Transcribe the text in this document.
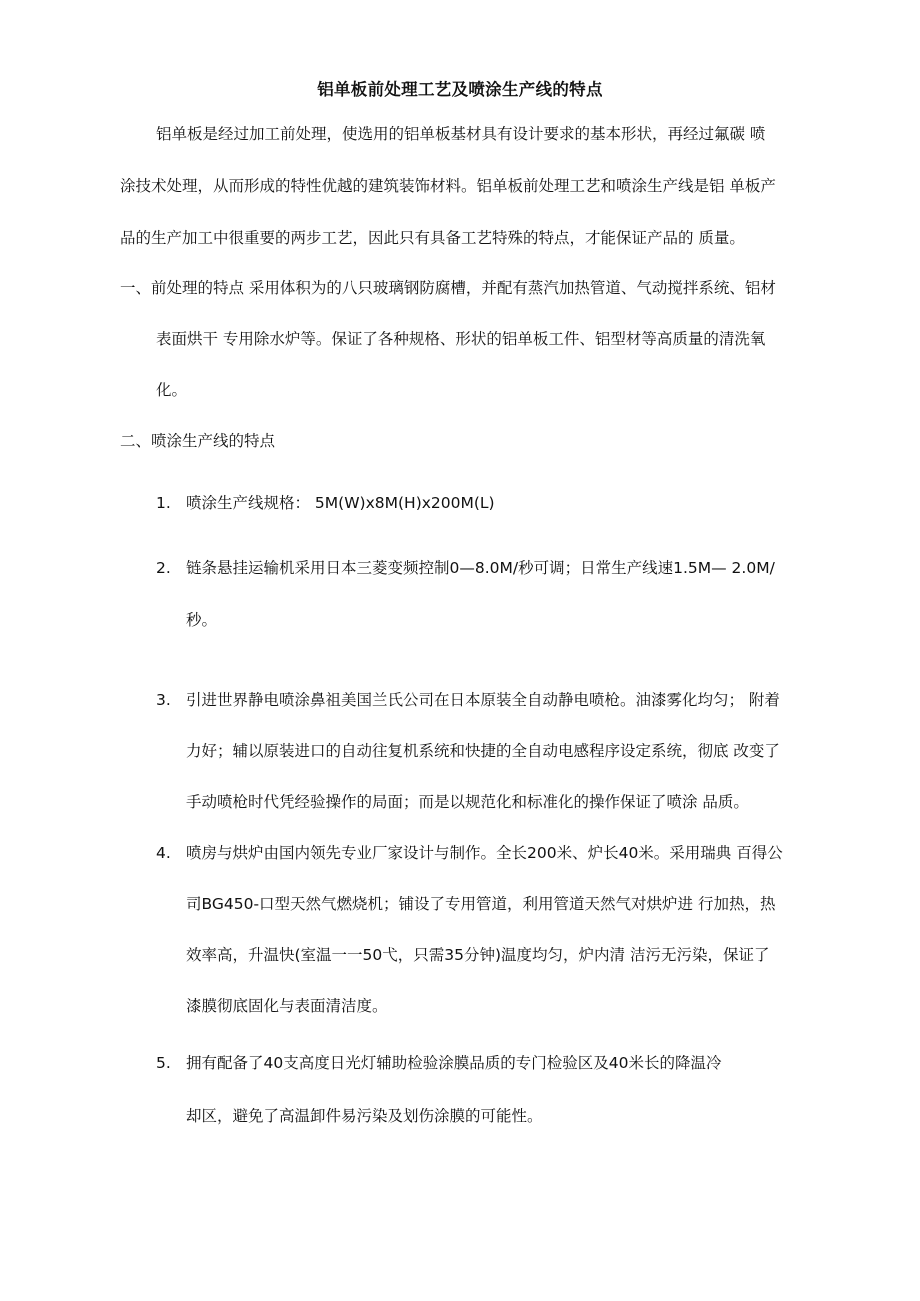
铝单板前处理工艺及喷涂生产线的特点
铝单板是经过加工前处理，使选用的铝单板基材具有设计要求的基本形状，再经过氟碳 喷
涂技术处理，从而形成的特性优越的建筑装饰材料。铝单板前处理工艺和喷涂生产线是铝 单板产
品的生产加工中很重要的两步工艺，因此只有具备工艺特殊的特点，才能保证产品的 质量。
一、前处理的特点 采用体积为的八只玻璃钢防腐槽，并配有蒸汽加热管道、气动搅拌系统、铝材
表面烘干 专用除水炉等。保证了各种规格、形状的铝单板工件、铝型材等高质量的清洗氧
化。
二、喷涂生产线的特点
1. 喷涂生产线规格： 5M(W)x8M(H)x200M(L)
2. 链条悬挂运输机采用日本三菱变频控制0—8.0M/秒可调；日常生产线速1.5M— 2.0M/
秒。
3. 引进世界静电喷涂鼻祖美国兰氏公司在日本原装全自动静电喷枪。油漆雾化均匀； 附着
力好；辅以原装进口的自动往复机系统和快捷的全自动电感程序设定系统，彻底 改变了
手动喷枪时代凭经验操作的局面；而是以规范化和标准化的操作保证了喷涂 品质。
4. 喷房与烘炉由国内领先专业厂家设计与制作。全长200米、炉长40米。采用瑞典 百得公
司BG450-口型天然气燃烧机；铺设了专用管道，利用管道天然气对烘炉进 行加热，热
效率高，升温快(室温一一50弋，只需35分钟)温度均匀，炉内清 洁污无污染，保证了
漆膜彻底固化与表面清洁度。
5. 拥有配备了40支高度日光灯辅助检验涂膜品质的专门检验区及40米长的降温冷
却区，避免了高温卸件易污染及划伤涂膜的可能性。
